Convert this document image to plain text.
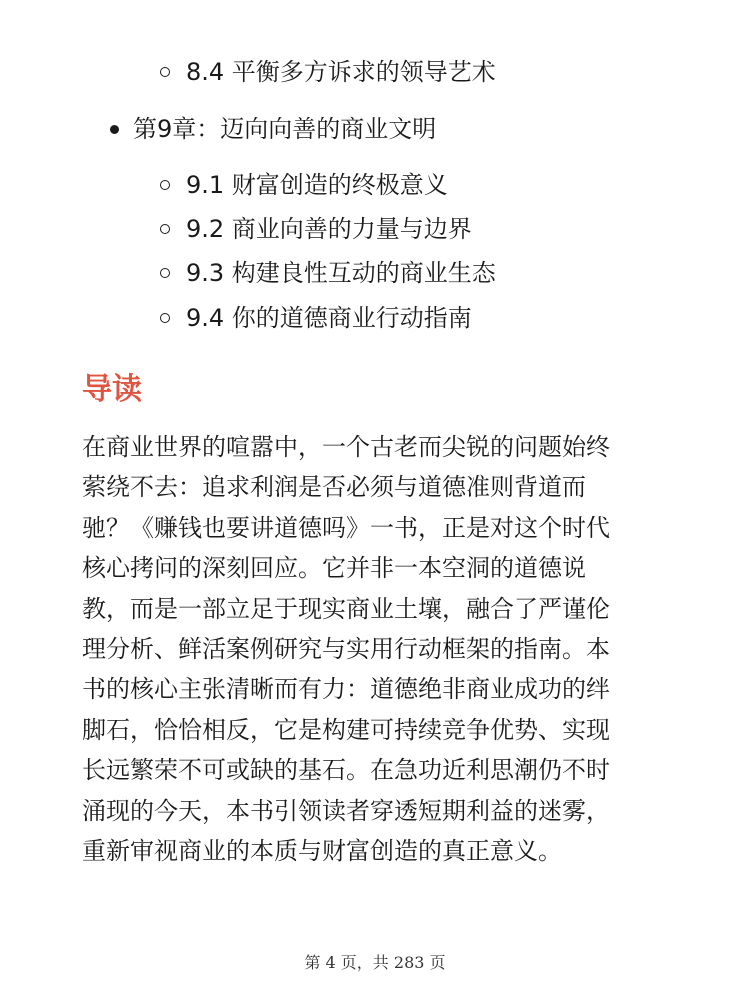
8.4 平衡多方诉求的领导艺术
第9章：迈向向善的商业文明
9.1 财富创造的终极意义
9.2 商业向善的力量与边界
9.3 构建良性互动的商业生态
9.4 你的道德商业行动指南
导读

在商业世界的喧嚣中，一个古老而尖锐的问题始终
萦绕不去：追求利润是否必须与道德准则背道而
驰？《赚钱也要讲道德吗》一书，正是对这个时代
核心拷问的深刻回应。它并非一本空洞的道德说
教，而是一部立足于现实商业土壤，融合了严谨伦
理分析、鲜活案例研究与实用行动框架的指南。本
书的核心主张清晰而有力：道德绝非商业成功的绊
脚石，恰恰相反，它是构建可持续竞争优势、实现
长远繁荣不可或缺的基石。在急功近利思潮仍不时
涌现的今天，本书引领读者穿透短期利益的迷雾，
重新审视商业的本质与财富创造的真正意义。

第 4 页，共 283 页
